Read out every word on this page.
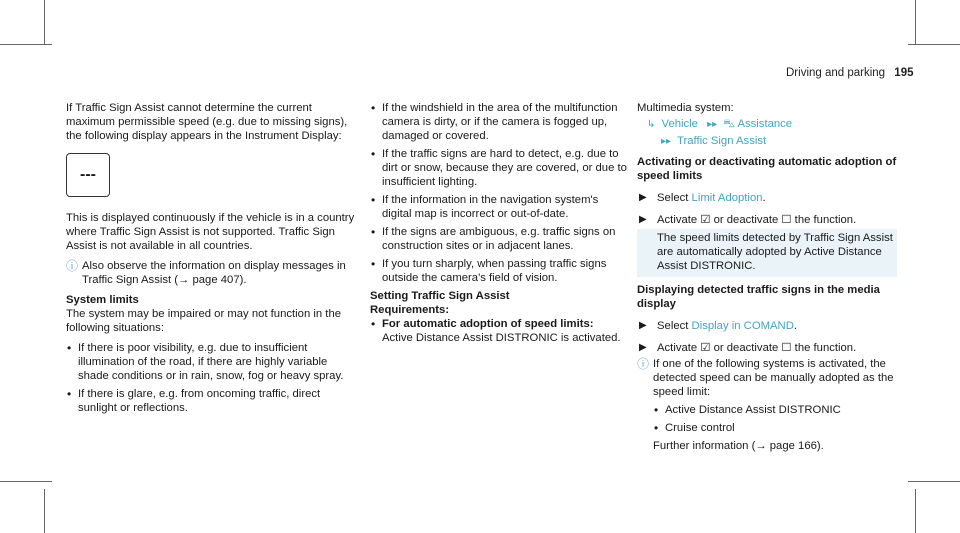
Driving and parking 195

If Traffic Sign Assist cannot determine the current maximum permissible speed (e.g. due to missing signs), the following display appears in the Instrument Display:

---

This is displayed continuously if the vehicle is in a country where Traffic Sign Assist is not supported. Traffic Sign Assist is not available in all countries.

ⓘ Also observe the information on display messages in Traffic Sign Assist (→ page 407).

System limits

The system may be impaired or may not function in the following situations:

• If there is poor visibility, e.g. due to insufficient illumination of the road, if there are highly variable shade conditions or in rain, snow, fog or heavy spray.
• If there is glare, e.g. from oncoming traffic, direct sunlight or reflections.
• If the windshield in the area of the multifunction camera is dirty, or if the camera is fogged up, damaged or covered.
• If the traffic signs are hard to detect, e.g. due to dirt or snow, because they are covered, or due to insufficient lighting.
• If the information in the navigation system's digital map is incorrect or out-of-date.
• If the signs are ambiguous, e.g. traffic signs on construction sites or in adjacent lanes.
• If you turn sharply, when passing traffic signs outside the camera's field of vision.

Setting Traffic Sign Assist

Requirements:

• For automatic adoption of speed limits:
Active Distance Assist DISTRONIC is activated.

Multimedia system:

↳ Vehicle ▸▸ ⛍ Assistance
▸▸ Traffic Sign Assist

Activating or deactivating automatic adoption of speed limits

▶ Select Limit Adoption.
▶ Activate ☑ or deactivate ☐ the function.
The speed limits detected by Traffic Sign Assist are automatically adopted by Active Distance Assist DISTRONIC.

Displaying detected traffic signs in the media display

▶ Select Display in COMAND.
▶ Activate ☑ or deactivate ☐ the function.
ⓘ If one of the following systems is activated, the detected speed can be manually adopted as the speed limit:
• Active Distance Assist DISTRONIC
• Cruise control

Further information (→ page 166).
